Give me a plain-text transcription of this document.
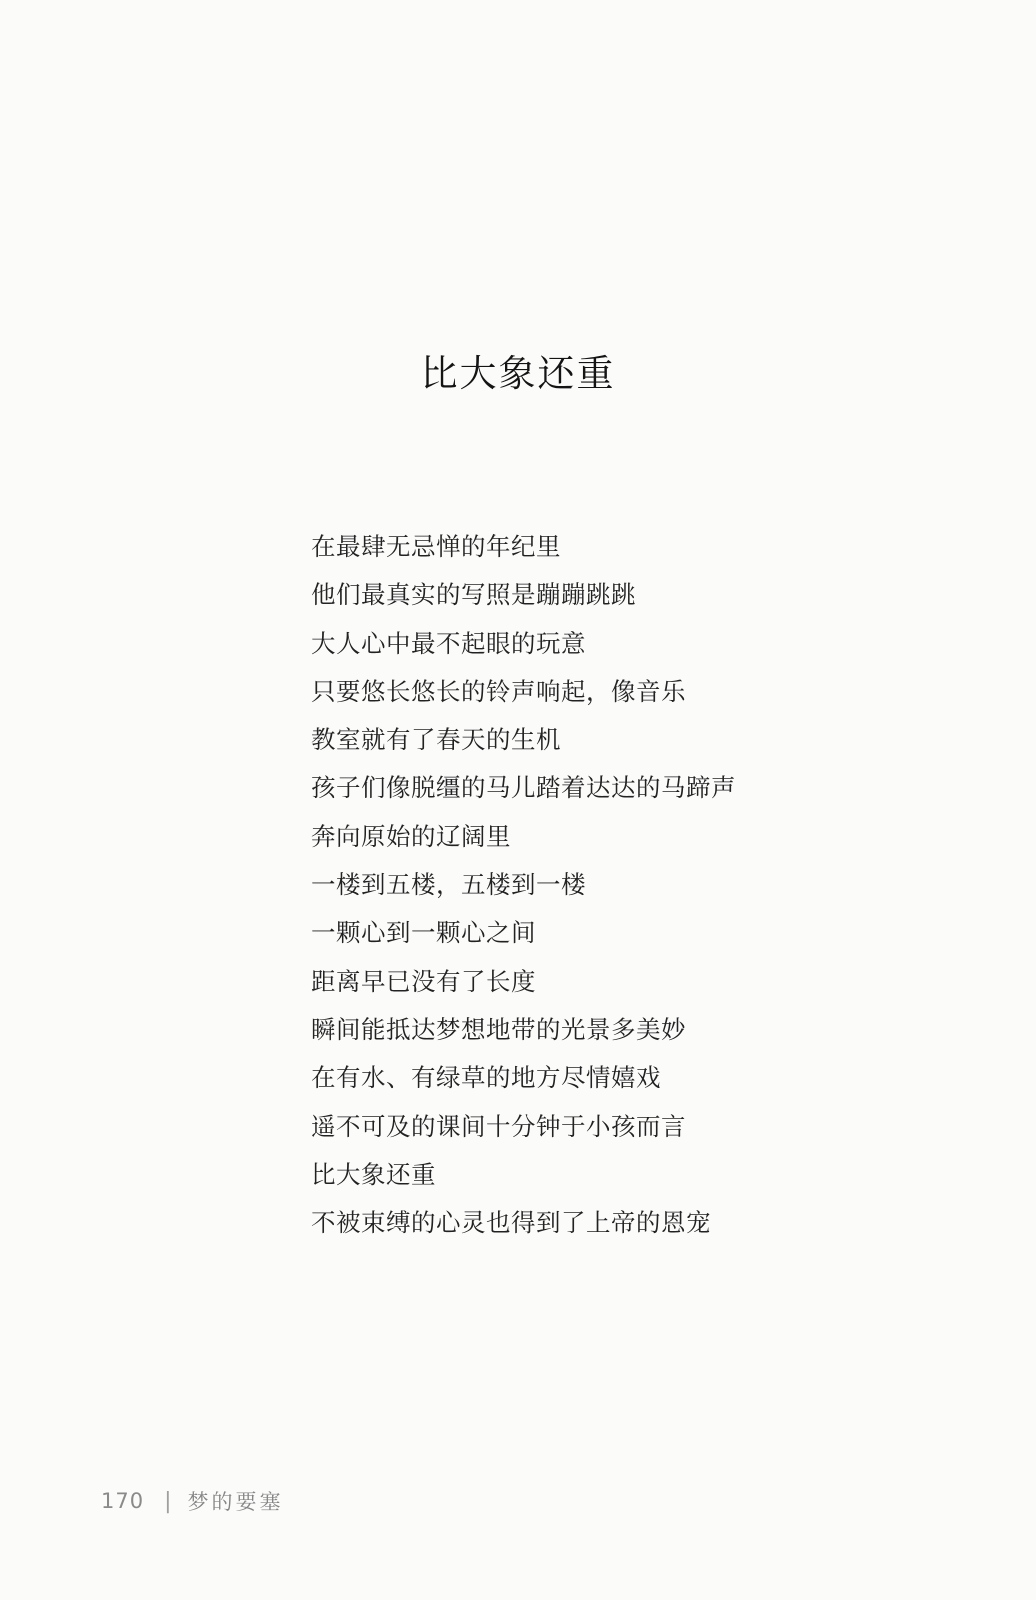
比大象还重
在最肆无忌惮的年纪里
他们最真实的写照是蹦蹦跳跳
大人心中最不起眼的玩意
只要悠长悠长的铃声响起，像音乐
教室就有了春天的生机
孩子们像脱缰的马儿踏着达达的马蹄声
奔向原始的辽阔里
一楼到五楼，五楼到一楼
一颗心到一颗心之间
距离早已没有了长度
瞬间能抵达梦想地带的光景多美妙
在有水、有绿草的地方尽情嬉戏
遥不可及的课间十分钟于小孩而言
比大象还重
不被束缚的心灵也得到了上帝的恩宠
170 | 梦的要塞
